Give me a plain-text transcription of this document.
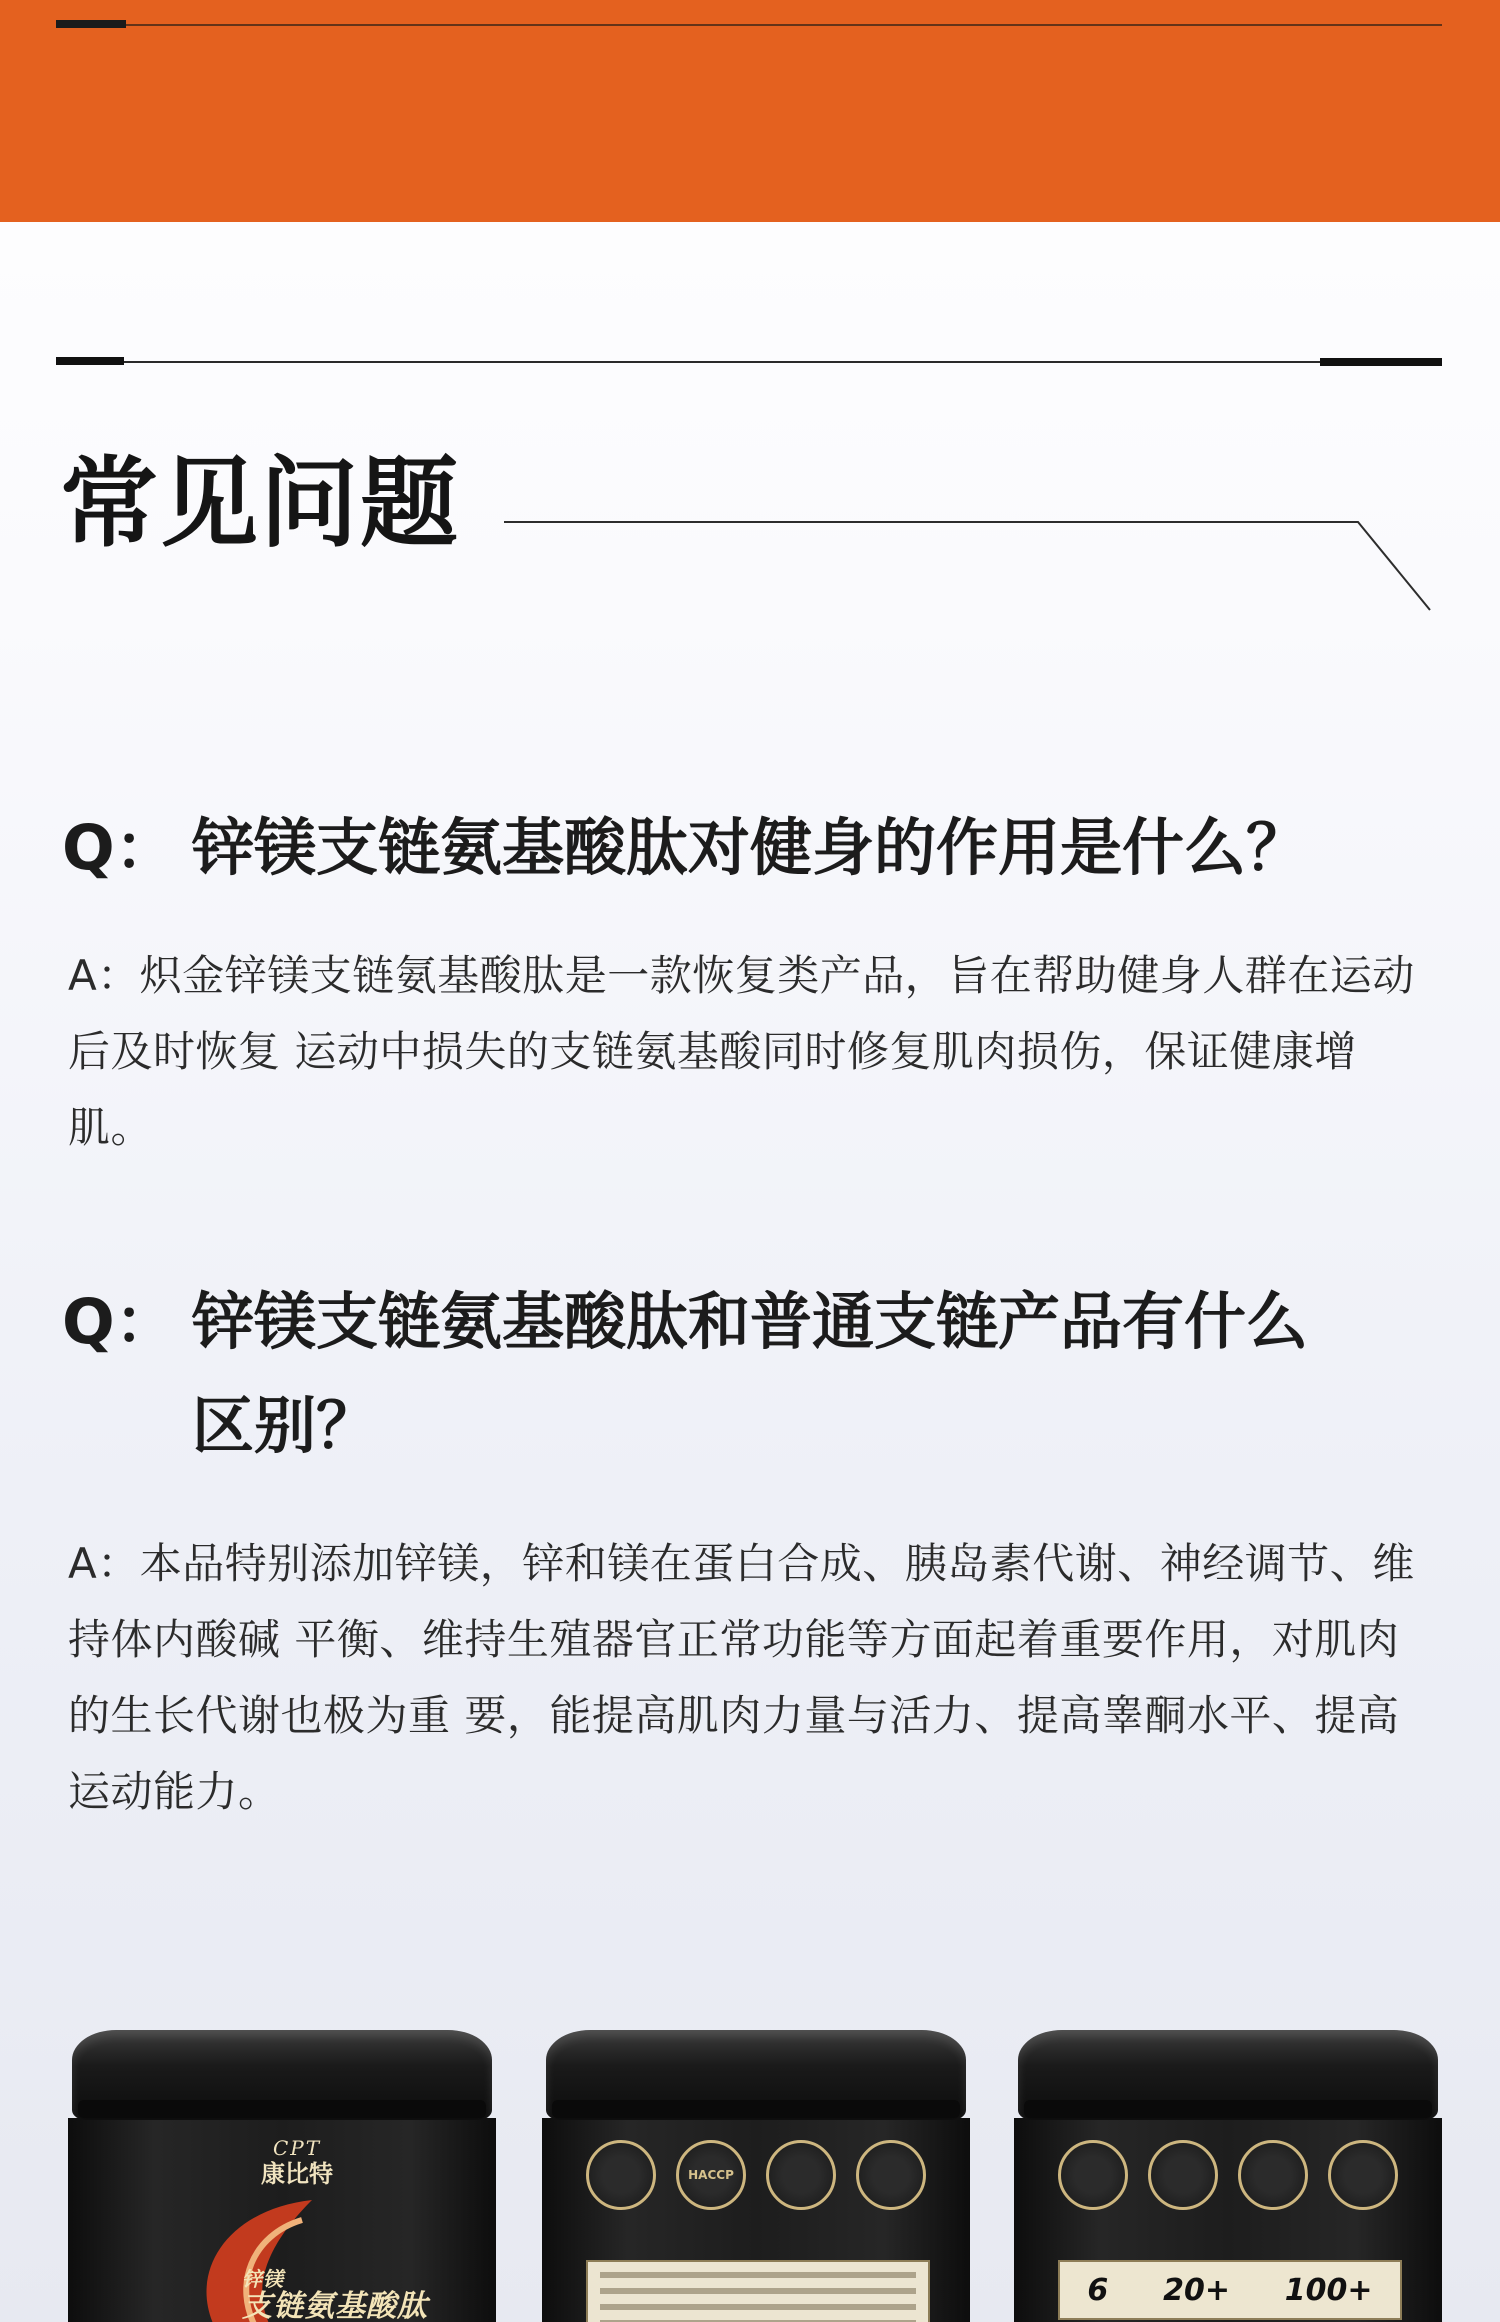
常见问题
Q： 锌镁支链氨基酸肽对健身的作用是什么？
A：炽金锌镁支链氨基酸肽是一款恢复类产品，旨在帮助健身人群在运动后及时恢复 运动中损失的支链氨基酸同时修复肌肉损伤，保证健康增肌。
Q： 锌镁支链氨基酸肽和普通支链产品有什么区别？
A：本品特别添加锌镁，锌和镁在蛋白合成、胰岛素代谢、神经调节、维持体内酸碱 平衡、维持生殖器官正常功能等方面起着重要作用，对肌肉的生长代谢也极为重 要，能提高肌肉力量与活力、提高睾酮水平、提高运动能力。
CPT
康比特
锌镁
支链氨基酸肽
HACCP
6 20+ 100+
